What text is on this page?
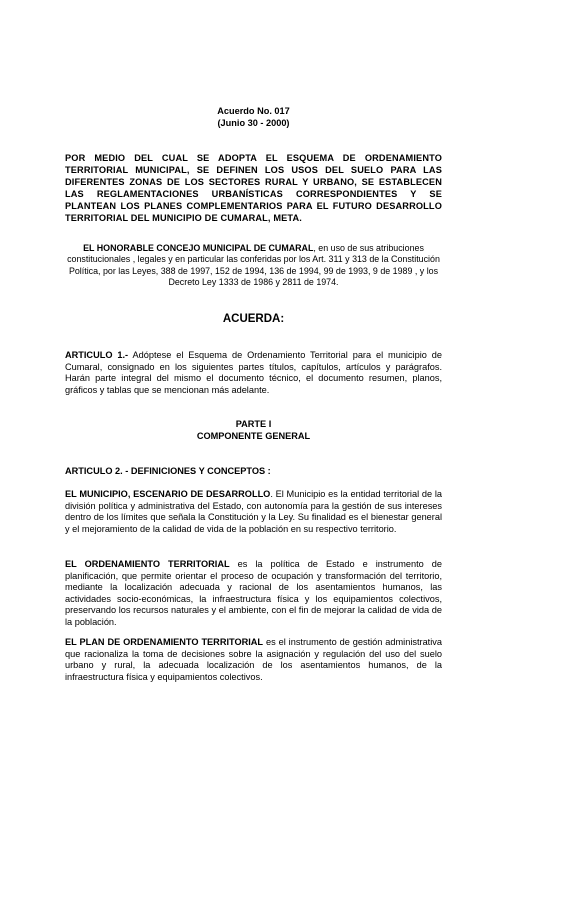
Acuerdo No. 017
(Junio 30 - 2000)
POR MEDIO DEL CUAL SE ADOPTA EL ESQUEMA DE ORDENAMIENTO TERRITORIAL MUNICIPAL, SE DEFINEN LOS USOS DEL SUELO PARA LAS DIFERENTES ZONAS DE LOS SECTORES RURAL Y URBANO, SE ESTABLECEN LAS REGLAMENTACIONES URBANÍSTICAS CORRESPONDIENTES Y SE PLANTEAN LOS PLANES COMPLEMENTARIOS PARA EL FUTURO DESARROLLO TERRITORIAL DEL MUNICIPIO DE CUMARAL, META.
EL HONORABLE CONCEJO MUNICIPAL DE CUMARAL, en uso de sus atribuciones constitucionales , legales y en particular las conferidas por los Art. 311 y 313 de la Constitución Política, por las Leyes, 388 de 1997, 152 de 1994, 136 de 1994, 99 de 1993, 9 de 1989 , y los Decreto Ley 1333 de 1986 y 2811 de 1974.
ACUERDA:
ARTICULO 1.- Adóptese el Esquema de Ordenamiento Territorial para el municipio de Cumaral, consignado en los siguientes partes títulos, capítulos, artículos y parágrafos. Harán parte integral del mismo el documento técnico, el documento resumen, planos, gráficos y tablas que se mencionan más adelante.
PARTE I
COMPONENTE GENERAL
ARTICULO 2. - DEFINICIONES Y CONCEPTOS :
EL MUNICIPIO, ESCENARIO DE DESARROLLO. El Municipio es la entidad territorial de la división política y administrativa del Estado, con autonomía para la gestión de sus intereses dentro de los límites que señala la Constitución y la Ley. Su finalidad es el bienestar general y el mejoramiento de la calidad de vida de la población en su respectivo territorio.
EL ORDENAMIENTO TERRITORIAL es la política de Estado e instrumento de planificación, que permite orientar el proceso de ocupación y transformación del territorio, mediante la localización adecuada y racional de los asentamientos humanos, las actividades socio-económicas, la infraestructura física y los equipamientos colectivos, preservando los recursos naturales y el ambiente, con el fin de mejorar la calidad de vida de la población.
EL PLAN DE ORDENAMIENTO TERRITORIAL es el instrumento de gestión administrativa que racionaliza la toma de decisiones sobre la asignación y regulación del uso del suelo urbano y rural, la adecuada localización de los asentamientos humanos, de la infraestructura física y equipamientos colectivos.
